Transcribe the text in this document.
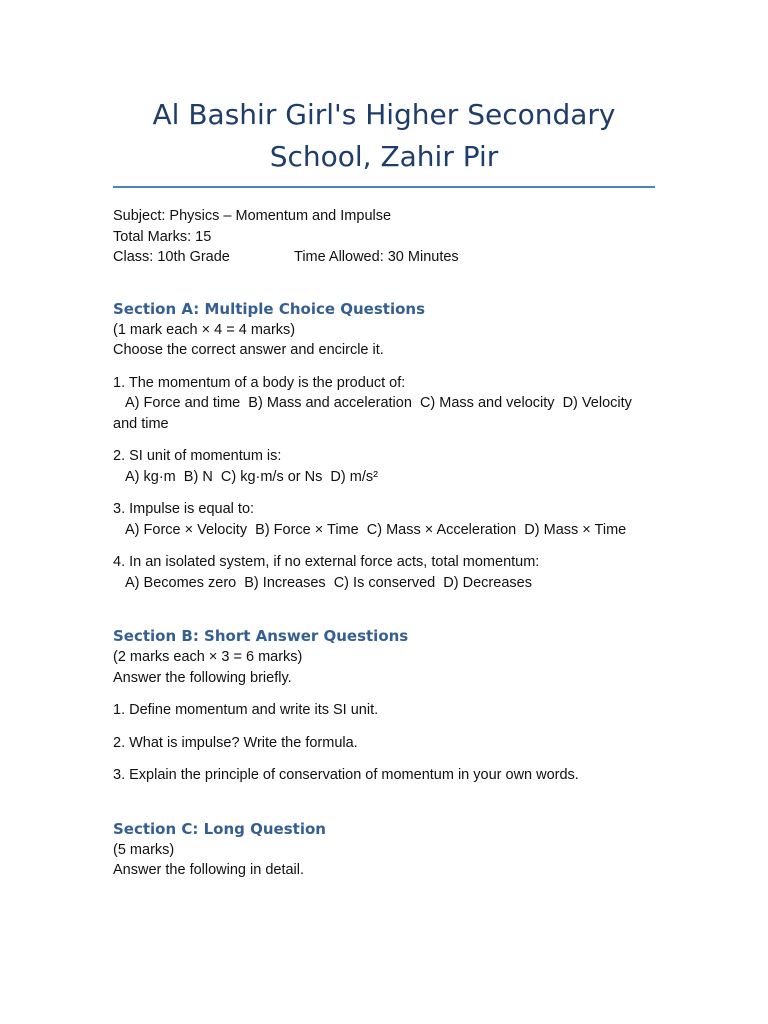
Al Bashir Girl's Higher Secondary School, Zahir Pir

Subject: Physics – Momentum and Impulse

Total Marks: 15

Class: 10th Grade	Time Allowed: 30 Minutes
Section A: Multiple Choice Questions

(1 mark each × 4 = 4 marks)

Choose the correct answer and encircle it.

1. The momentum of a body is the product of:

A) Force and time  B) Mass and acceleration  C) Mass and velocity  D) Velocity and time

2. SI unit of momentum is:

A) kg·m  B) N  C) kg·m/s or Ns  D) m/s²

3. Impulse is equal to:

A) Force × Velocity  B) Force × Time  C) Mass × Acceleration  D) Mass × Time

4. In an isolated system, if no external force acts, total momentum:

A) Becomes zero  B) Increases  C) Is conserved  D) Decreases

Section B: Short Answer Questions

(2 marks each × 3 = 6 marks)

Answer the following briefly.

1. Define momentum and write its SI unit.

2. What is impulse? Write the formula.

3. Explain the principle of conservation of momentum in your own words.

Section C: Long Question

(5 marks)

Answer the following in detail.
